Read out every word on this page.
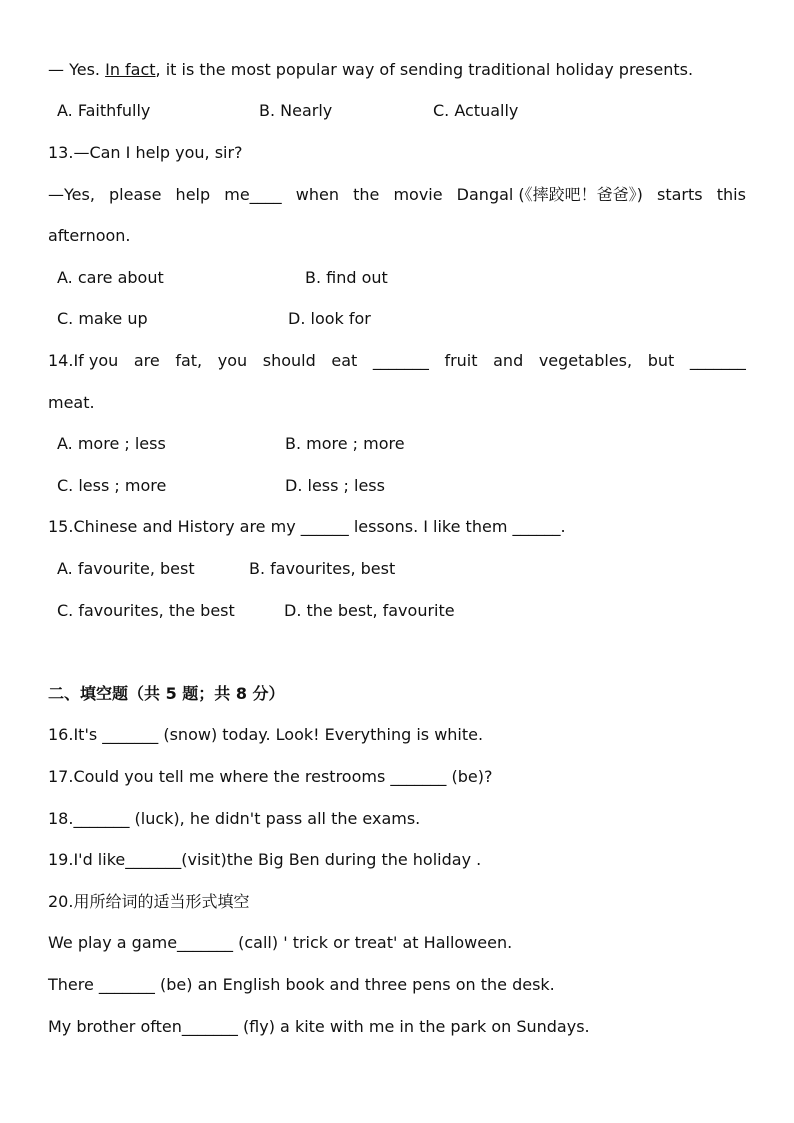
— Yes. In fact, it is the most popular way of sending traditional holiday presents.
A. Faithfully	B. Nearly	C. Actually
13.—Can I help you, sir?
—Yes, please help me____ when the movie Dangal (《摔跤吧！爸爸》) starts this
afternoon.
A. care about	B. find out
C. make up	D. look for
14.If you are fat, you should eat _______ fruit and vegetables, but _______
meat.
A. more ; less	B. more ; more
C. less ; more	D. less ; less
15.Chinese and History are my ______ lessons. I like them ______.
A. favourite, best	B. favourites, best
C. favourites, the best	D. the best, favourite
二、填空题（共 5 题；共 8 分）
16.It's _______ (snow) today. Look! Everything is white.
17.Could you tell me where the restrooms _______ (be)?
18._______ (luck), he didn't pass all the exams.
19.I'd like_______(visit)the Big Ben during the holiday .
20.用所给词的适当形式填空
We play a game_______ (call) ' trick or treat' at Halloween.
There _______ (be) an English book and three pens on the desk.
My brother often_______ (fly) a kite with me in the park on Sundays.
